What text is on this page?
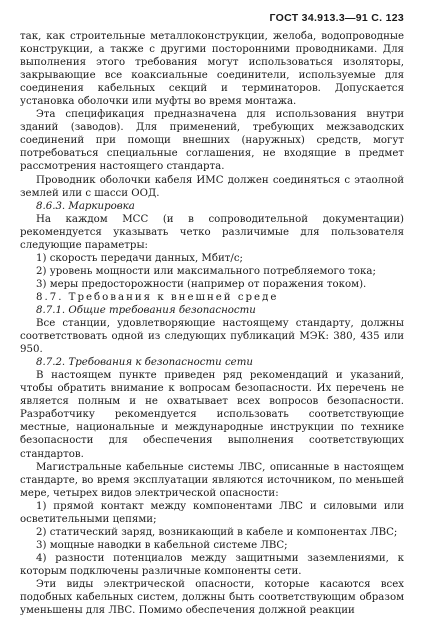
ГОСТ 34.913.3—91 С. 123

так, как строительные металлоконструкции, желоба, водопроводные конструкции, а также с другими посторонними проводниками. Для выполнения этого требования могут использоваться изоляторы, закрывающие все коаксиальные соединители, используемые для соединения кабельных секций и терминаторов. Допускается установка оболочки или муфты во время монтажа.

Эта спецификация предназначена для использования внутри зданий (заводов). Для применений, требующих межзаводских соединений при помощи внешних (наружных) средств, могут потребоваться специальные соглашения, не входящие в предмет рассмотрения настоящего стандарта.

Проводник оболочки кабеля ИМС должен соединяться с этаолной землей или с шасси ООД.

8.6.3. Маркировка

На каждом МСС (и в сопроводительной документации) рекомендуется указывать четко различимые для пользователя следующие параметры:

1) скорость передачи данных, Мбит/с;

2) уровень мощности или максимального потребляемого тока;

3) меры предосторожности (например от поражения током).

8.7. Требования к внешней среде

8.7.1. Общие требования безопасности

Все станции, удовлетворяющие настоящему стандарту, должны соответствовать одной из следующих публикаций МЭК: 380, 435 или 950.

8.7.2. Требования к безопасности сети

В настоящем пункте приведен ряд рекомендаций и указаний, чтобы обратить внимание к вопросам безопасности. Их перечень не является полным и не охватывает всех вопросов безопасности. Разработчику рекомендуется использовать соответствующие местные, национальные и международные инструкции по технике безопасности для обеспечения выполнения соответствующих стандартов.

Магистральные кабельные системы ЛВС, описанные в настоящем стандарте, во время эксплуатации являются источником, по меньшей мере, четырех видов электрической опасности:

1) прямой контакт между компонентами ЛВС и силовыми или осветительными цепями;

2) статический заряд, возникающий в кабеле и компонентах ЛВС;

3) мощные наводки в кабельной системе ЛВС;

4) разности потенциалов между защитными заземлениями, к которым подключены различные компоненты сети.

Эти виды электрической опасности, которые касаются всех подобных кабельных систем, должны быть соответствующим образом уменьшены для ЛВС. Помимо обеспечения должной реакции
